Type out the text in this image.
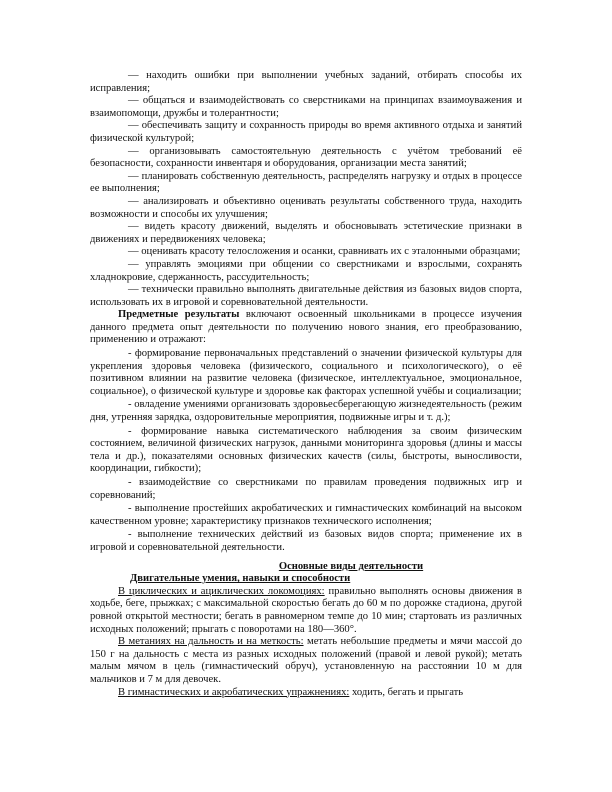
— находить ошибки при выполнении учебных заданий, отбирать способы их исправления;

— общаться и взаимодействовать со сверстниками на принципах взаимоуважения и взаимопомощи, дружбы и толерантности;

— обеспечивать защиту и сохранность природы во время активного отдыха и занятий физической культурой;

— организовывать самостоятельную деятельность с учётом требований её безопасности, сохранности инвентаря и оборудования, организации места занятий;

— планировать собственную деятельность, распределять нагрузку и отдых в процессе ее выполнения;

— анализировать и объективно оценивать результаты собственного труда, находить возможности и способы их улучшения;

— видеть красоту движений, выделять и обосновывать эстетические признаки в движениях и передвижениях человека;

— оценивать красоту телосложения и осанки, сравнивать их с эталонными образцами;

— управлять эмоциями при общении со сверстниками и взрослыми, сохранять хладнокровие, сдержанность, рассудительность;

— технически правильно выполнять двигательные действия из базовых видов спорта, использовать их в игровой и соревновательной деятельности.

Предметные результаты включают освоенный школьниками в процессе изучения данного предмета опыт деятельности по получению нового знания, его преобразованию, применению и отражают:

- формирование первоначальных представлений о значении физической культуры для укрепления здоровья человека (физического, социального и психологического), о её позитивном влиянии на развитие человека (физическое, интеллектуальное, эмоциональное, социальное), о физической культуре и здоровье как факторах успешной учёбы и социализации;

- овладение умениями организовать здоровьесберегающую жизнедеятельность (режим дня, утренняя зарядка, оздоровительные мероприятия, подвижные игры и т. д.);

- формирование навыка систематического наблюдения за своим физическим состоянием, величиной физических нагрузок, данными мониторинга здоровья (длины и массы тела и др.), показателями основных физических качеств (силы, быстроты, выносливости, координации, гибкости);

- взаимодействие со сверстниками по правилам проведения подвижных игр и соревнований;

- выполнение простейших акробатических и гимнастических комбинаций на высоком качественном уровне; характеристику признаков технического исполнения;

- выполнение технических действий из базовых видов спорта; применение их в игровой и соревновательной деятельности.

Основные виды деятельности

Двигательные умения, навыки и способности

В циклических и ациклических локомоциях: правильно выполнять основы движения в ходьбе, беге, прыжках; с максимальной скоростью бегать до 60 м по дорожке стадиона, другой ровной открытой местности; бегать в равномерном темпе до 10 мин; стартовать из различных исходных положений; прыгать с поворотами на 180—360°.

В метаниях на дальность и на меткость: метать небольшие предметы и мячи массой до 150 г на дальность с места из разных исходных положений (правой и левой рукой); метать малым мячом в цель (гимнастический обруч), установленную на расстоянии 10 м для мальчиков и 7 м для девочек.

В гимнастических и акробатических упражнениях: ходить, бегать и прыгать
